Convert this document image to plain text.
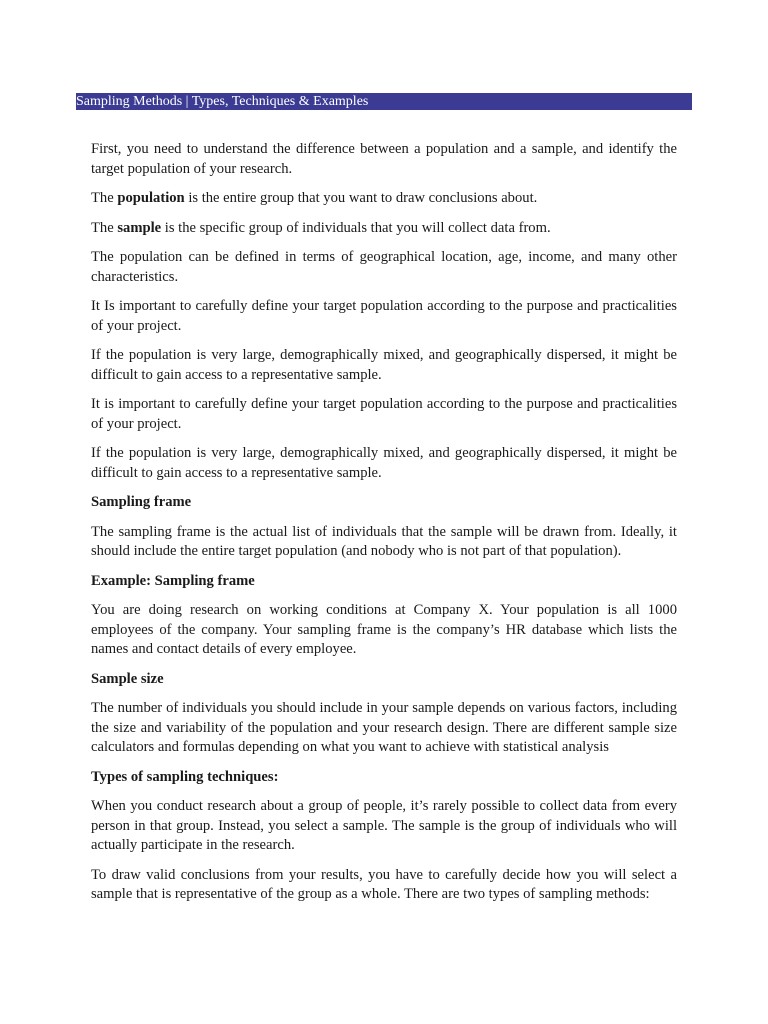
Sampling Methods | Types, Techniques & Examples

First, you need to understand the difference between a population and a sample, and identify the target population of your research.

The population is the entire group that you want to draw conclusions about.

The sample is the specific group of individuals that you will collect data from.

The population can be defined in terms of geographical location, age, income, and many other characteristics.

It Is important to carefully define your target population according to the purpose and practicalities of your project.

If the population is very large, demographically mixed, and geographically dispersed, it might be difficult to gain access to a representative sample.

It is important to carefully define your target population according to the purpose and practicalities of your project.

If the population is very large, demographically mixed, and geographically dispersed, it might be difficult to gain access to a representative sample.

Sampling frame

The sampling frame is the actual list of individuals that the sample will be drawn from. Ideally, it should include the entire target population (and nobody who is not part of that population).

Example: Sampling frame

You are doing research on working conditions at Company X. Your population is all 1000 employees of the company. Your sampling frame is the company’s HR database which lists the names and contact details of every employee.

Sample size

The number of individuals you should include in your sample depends on various factors, including the size and variability of the population and your research design. There are different sample size calculators and formulas depending on what you want to achieve with statistical analysis

Types of sampling techniques:

When you conduct research about a group of people, it’s rarely possible to collect data from every person in that group. Instead, you select a sample. The sample is the group of individuals who will actually participate in the research.

To draw valid conclusions from your results, you have to carefully decide how you will select a sample that is representative of the group as a whole. There are two types of sampling methods:
